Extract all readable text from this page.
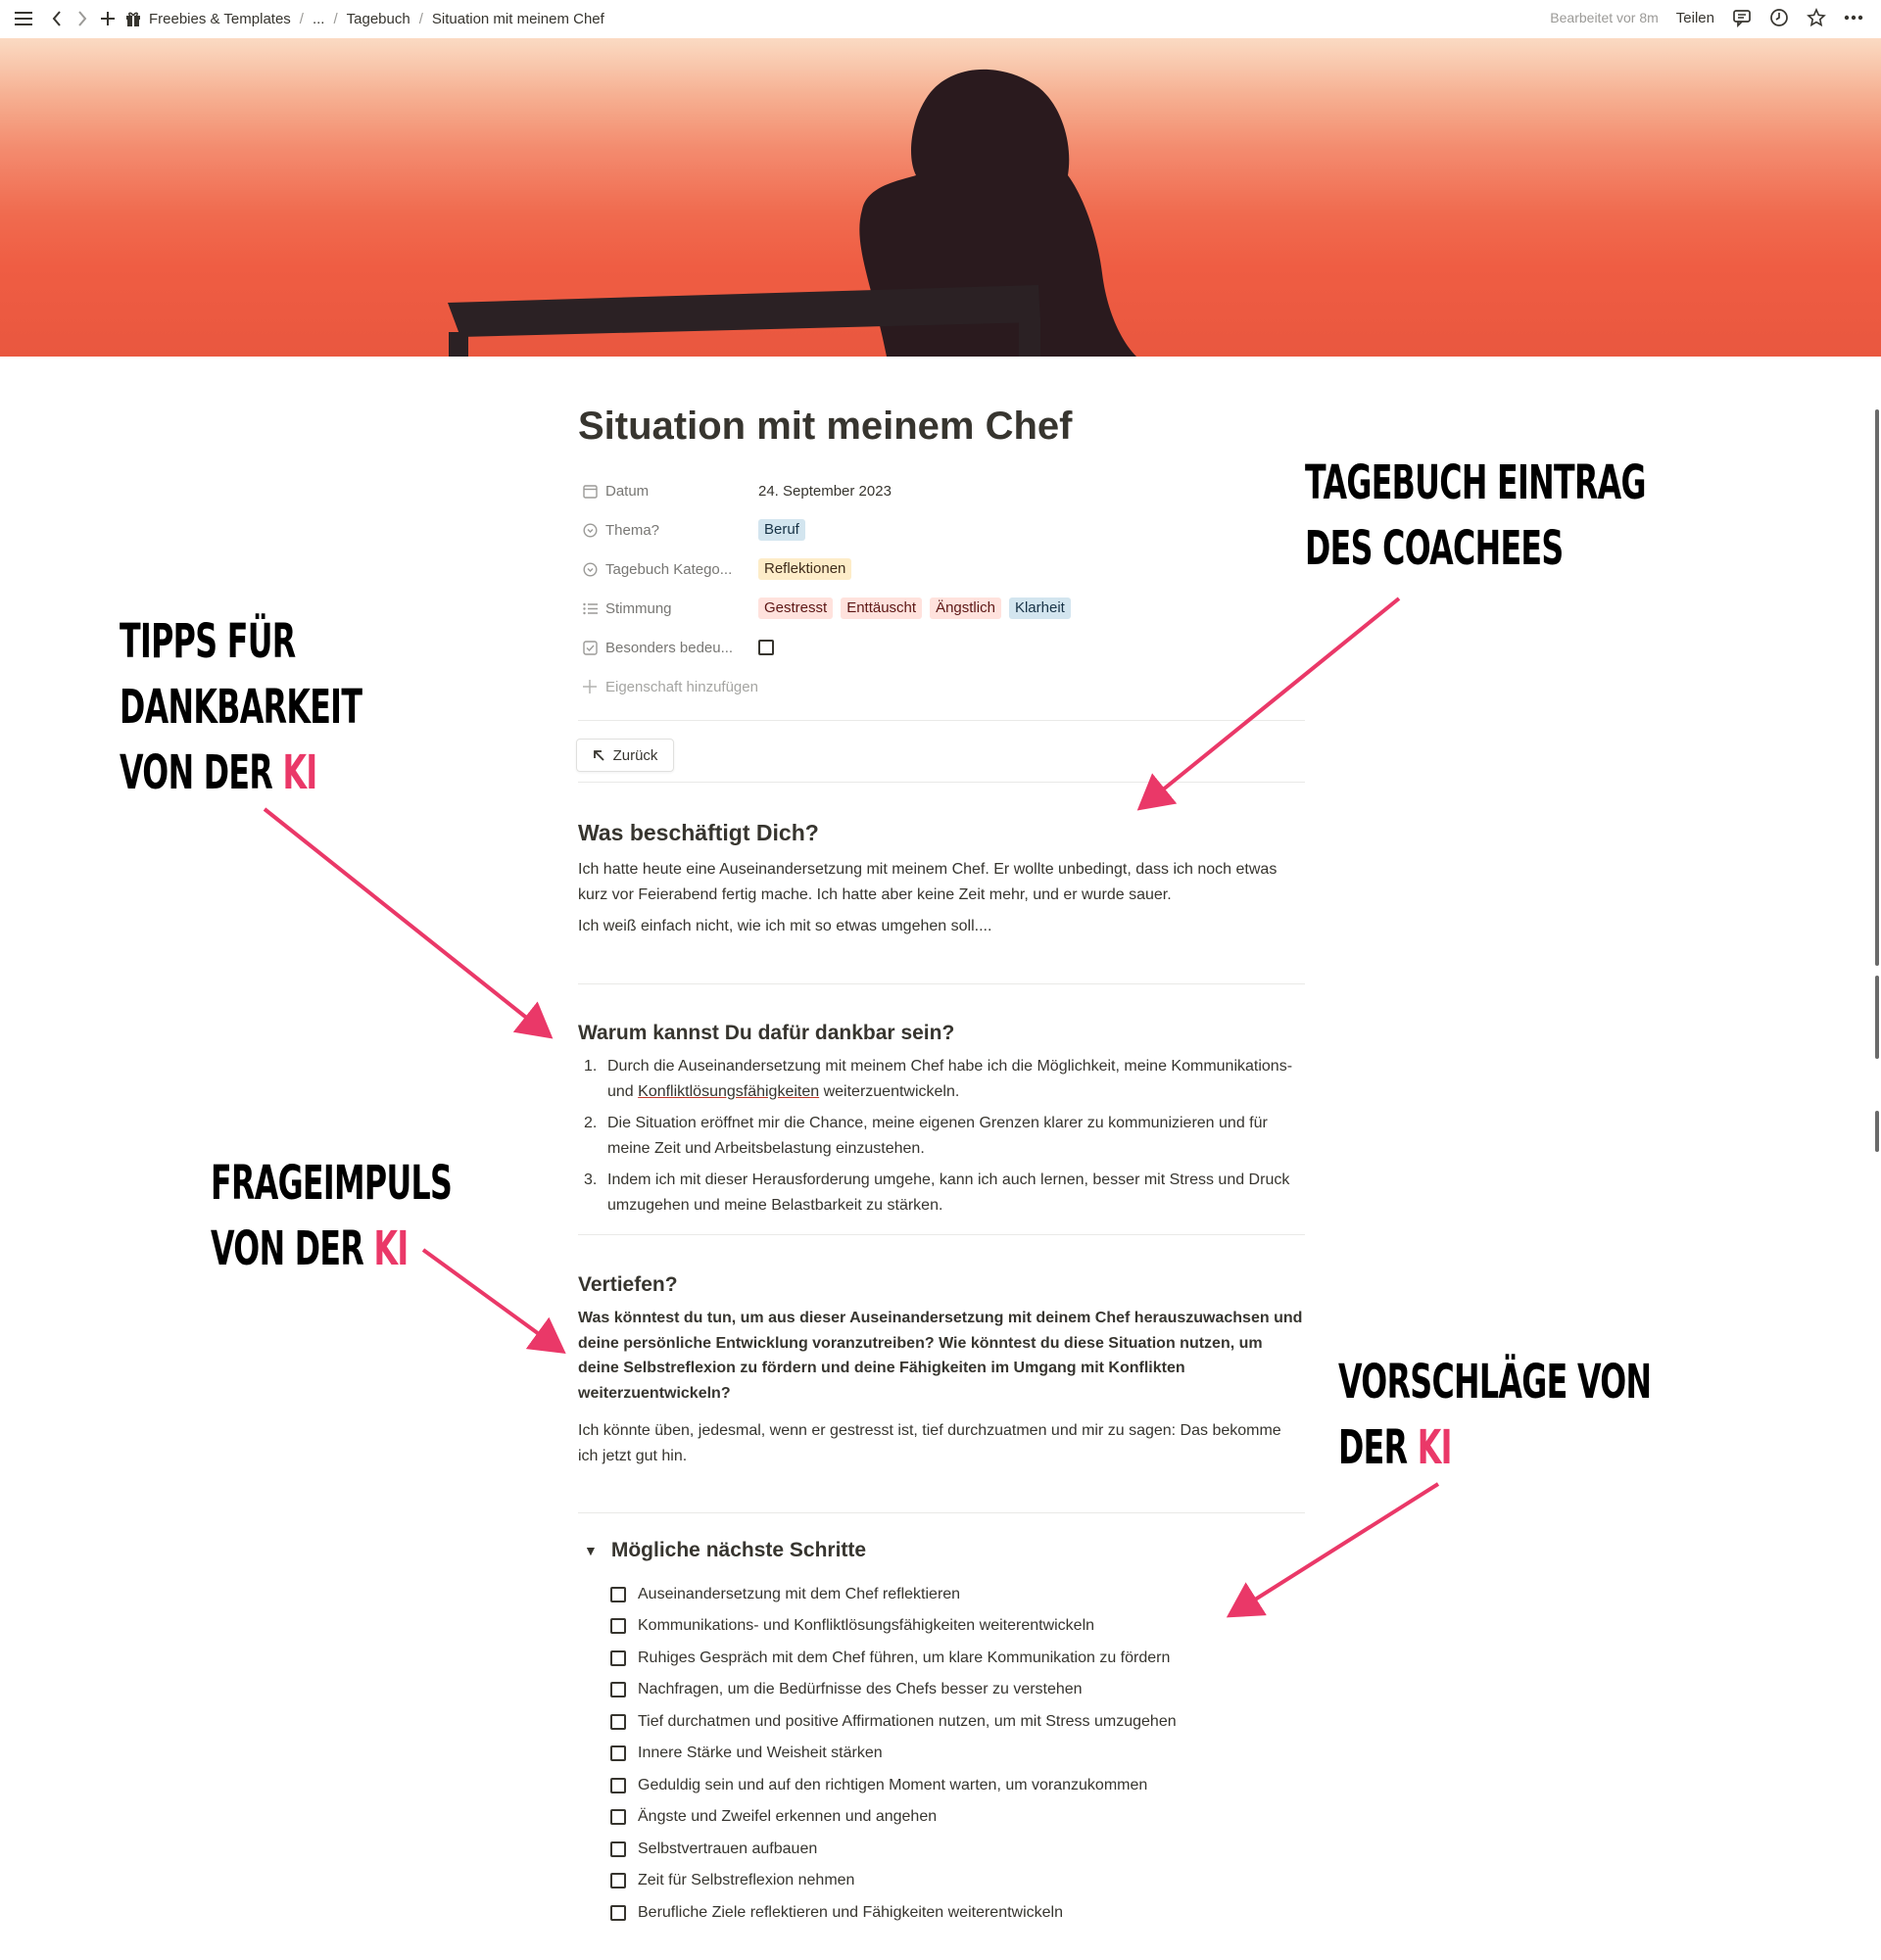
Freebies & Templates / ... / Tagebuch / Situation mit meinem Chef	Bearbeitet vor 8m Teilen
Situation mit meinem Chef
Datum	24. September 2023
Thema?	Beruf
Tagebuch Katego...	Reflektionen
Stimmung	Gestresst	Enttäuscht	Ängstlich	Klarheit
Besonders bedeu...
Eigenschaft hinzufügen
Zurück
Was beschäftigt Dich?
Ich hatte heute eine Auseinandersetzung mit meinem Chef. Er wollte unbedingt, dass ich noch etwas kurz vor Feierabend fertig mache. Ich hatte aber keine Zeit mehr, und er wurde sauer.
Ich weiß einfach nicht, wie ich mit so etwas umgehen soll....
Warum kannst Du dafür dankbar sein?
1. Durch die Auseinandersetzung mit meinem Chef habe ich die Möglichkeit, meine Kommunikations- und Konfliktlösungsfähigkeiten weiterzuentwickeln.
2. Die Situation eröffnet mir die Chance, meine eigenen Grenzen klarer zu kommunizieren und für meine Zeit und Arbeitsbelastung einzustehen.
3. Indem ich mit dieser Herausforderung umgehe, kann ich auch lernen, besser mit Stress und Druck umzugehen und meine Belastbarkeit zu stärken.
Vertiefen?
Was könntest du tun, um aus dieser Auseinandersetzung mit deinem Chef herauszuwachsen und deine persönliche Entwicklung voranzutreiben? Wie könntest du diese Situation nutzen, um deine Selbstreflexion zu fördern und deine Fähigkeiten im Umgang mit Konflikten weiterzuentwickeln?
Ich könnte üben, jedesmal, wenn er gestresst ist, tief durchzuatmen und mir zu sagen: Das bekomme ich jetzt gut hin.
▼ Mögliche nächste Schritte
Auseinandersetzung mit dem Chef reflektieren
Kommunikations- und Konfliktlösungsfähigkeiten weiterentwickeln
Ruhiges Gespräch mit dem Chef führen, um klare Kommunikation zu fördern
Nachfragen, um die Bedürfnisse des Chefs besser zu verstehen
Tief durchatmen und positive Affirmationen nutzen, um mit Stress umzugehen
Innere Stärke und Weisheit stärken
Geduldig sein und auf den richtigen Moment warten, um voranzukommen
Ängste und Zweifel erkennen und angehen
Selbstvertrauen aufbauen
Zeit für Selbstreflexion nehmen
Berufliche Ziele reflektieren und Fähigkeiten weiterentwickeln
TAGEBUCH EINTRAG
DES COACHEES
TIPPS FÜR
DANKBARKEIT
VON DER KI
FRAGEIMPULS
VON DER KI
VORSCHLÄGE VON
DER KI
